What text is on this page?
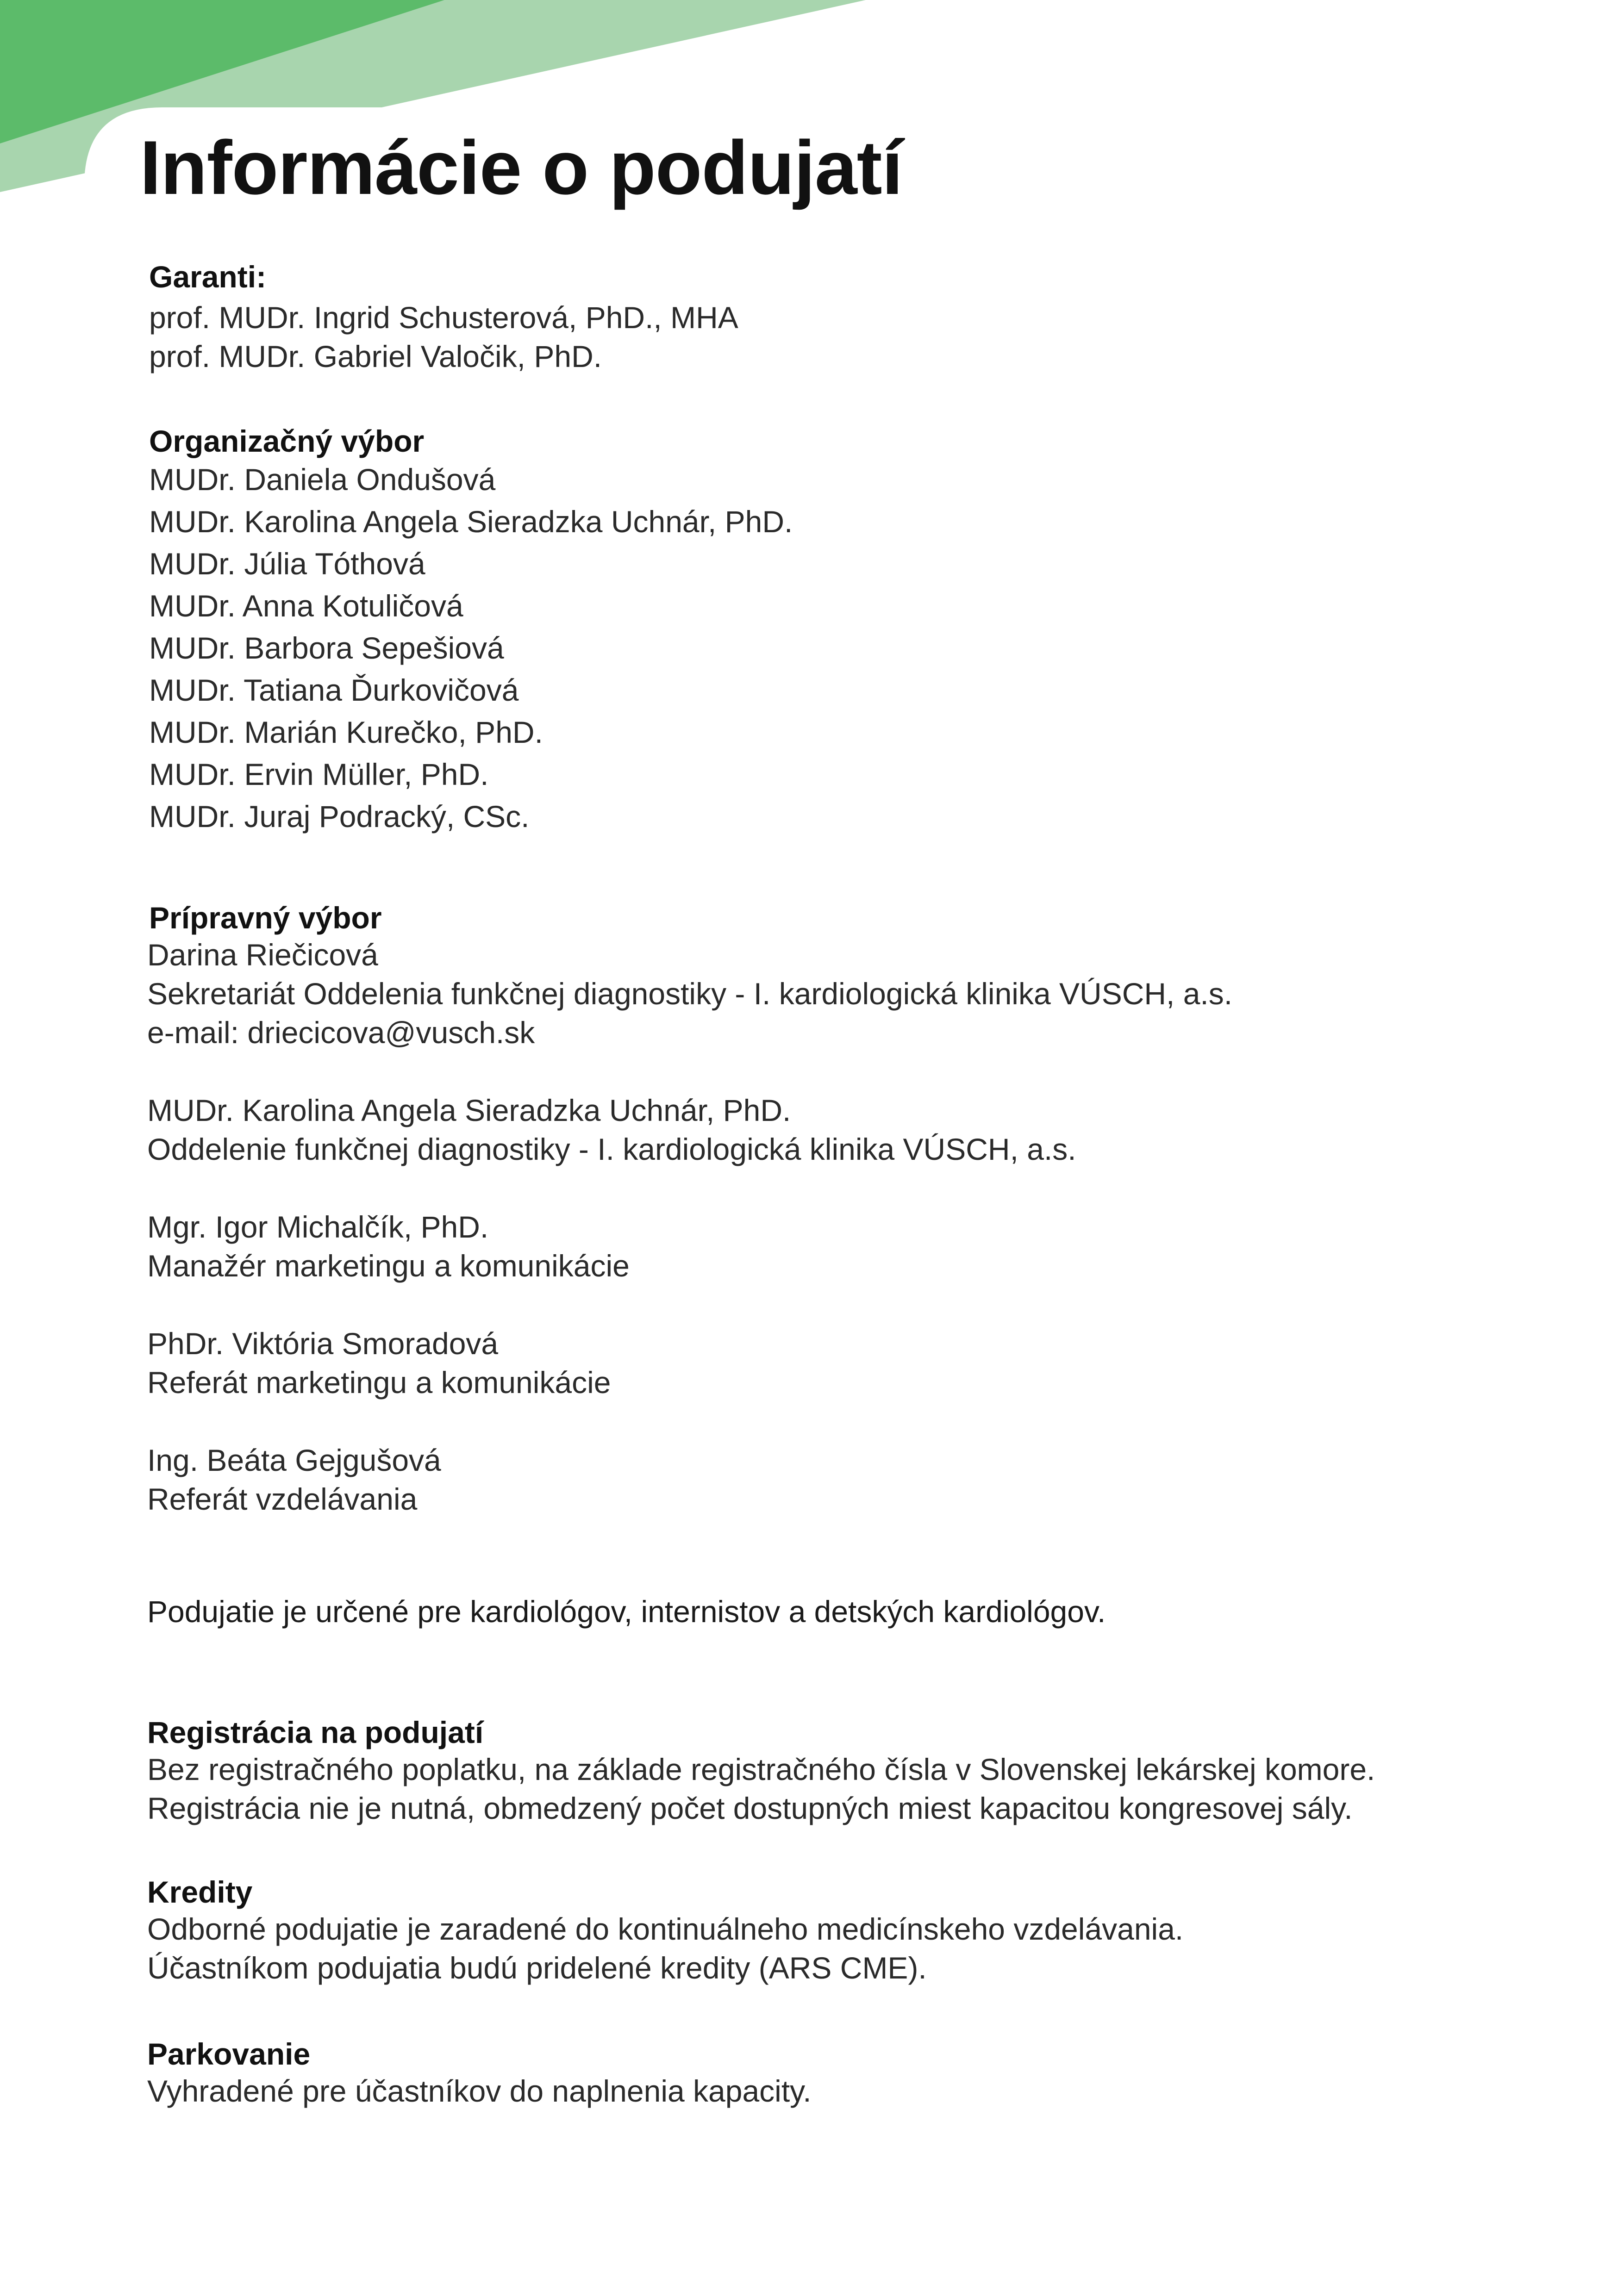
Informácie o podujatí
Garanti:
prof. MUDr. Ingrid Schusterová, PhD., MHA
prof. MUDr. Gabriel Valočik, PhD.
Organizačný výbor
MUDr. Daniela Ondušová
MUDr. Karolina Angela Sieradzka Uchnár, PhD.
MUDr. Júlia Tóthová
MUDr. Anna Kotuličová
MUDr. Barbora Sepešiová
MUDr. Tatiana Ďurkovičová
MUDr. Marián Kurečko, PhD.
MUDr. Ervin Müller, PhD.
MUDr. Juraj Podracký, CSc.
Prípravný výbor
Darina Riečicová
Sekretariát Oddelenia funkčnej diagnostiky - I. kardiologická klinika VÚSCH, a.s.
e-mail: driecicova@vusch.sk
MUDr. Karolina Angela Sieradzka Uchnár, PhD.
Oddelenie funkčnej diagnostiky - I. kardiologická klinika VÚSCH, a.s.
Mgr. Igor Michalčík, PhD.
Manažér marketingu a komunikácie
PhDr. Viktória Smoradová
Referát marketingu a komunikácie
Ing. Beáta Gejgušová
Referát vzdelávania
Podujatie je určené pre kardiológov, internistov a detských kardiológov.
Registrácia na podujatí
Bez registračného poplatku, na základe registračného čísla v Slovenskej lekárskej komore.
Registrácia nie je nutná, obmedzený počet dostupných miest kapacitou kongresovej sály.
Kredity
Odborné podujatie je zaradené do kontinuálneho medicínskeho vzdelávania.
Účastníkom podujatia budú pridelené kredity (ARS CME).
Parkovanie
Vyhradené pre účastníkov do naplnenia kapacity.
